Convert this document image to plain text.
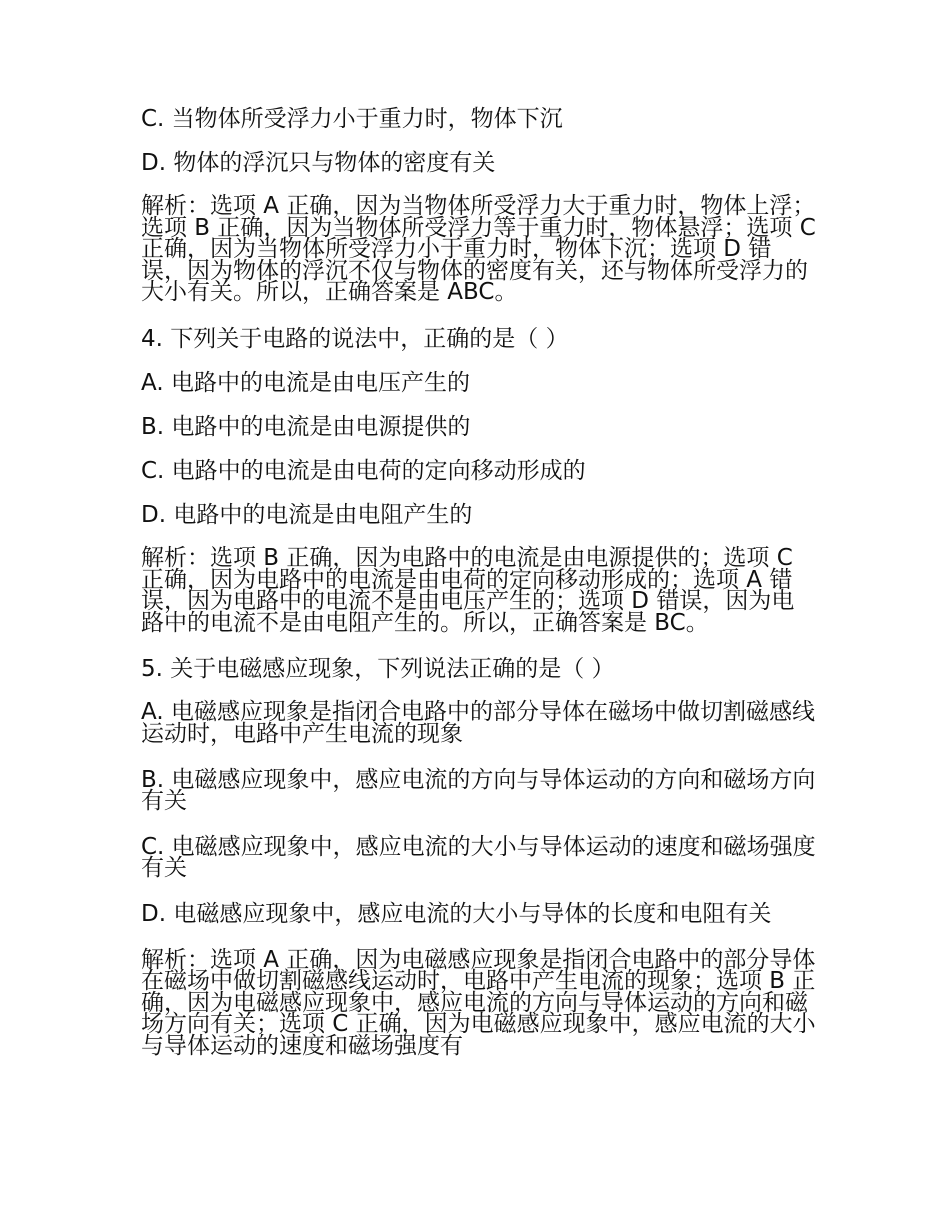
C. 当物体所受浮力小于重力时，物体下沉

D. 物体的浮沉只与物体的密度有关

解析：选项 A 正确，因为当物体所受浮力大于重力时，物体上浮；选项 B 正确，因为当物体所受浮力等于重力时，物体悬浮；选项 C 正确，因为当物体所受浮力小于重力时，物体下沉；选项 D 错误，因为物体的浮沉不仅与物体的密度有关，还与物体所受浮力的大小有关。所以，正确答案是 ABC。

4. 下列关于电路的说法中，正确的是（ ）

A. 电路中的电流是由电压产生的

B. 电路中的电流是由电源提供的

C. 电路中的电流是由电荷的定向移动形成的

D. 电路中的电流是由电阻产生的

解析：选项 B 正确，因为电路中的电流是由电源提供的；选项 C 正确，因为电路中的电流是由电荷的定向移动形成的；选项 A 错误，因为电路中的电流不是由电压产生的；选项 D 错误，因为电路中的电流不是由电阻产生的。所以，正确答案是 BC。

5. 关于电磁感应现象，下列说法正确的是（ ）

A. 电磁感应现象是指闭合电路中的部分导体在磁场中做切割磁感线运动时，电路中产生电流的现象

B. 电磁感应现象中，感应电流的方向与导体运动的方向和磁场方向有关

C. 电磁感应现象中，感应电流的大小与导体运动的速度和磁场强度有关

D. 电磁感应现象中，感应电流的大小与导体的长度和电阻有关

解析：选项 A 正确，因为电磁感应现象是指闭合电路中的部分导体在磁场中做切割磁感线运动时，电路中产生电流的现象；选项 B 正确，因为电磁感应现象中，感应电流的方向与导体运动的方向和磁场方向有关；选项 C 正确，因为电磁感应现象中，感应电流的大小与导体运动的速度和磁场强度有
